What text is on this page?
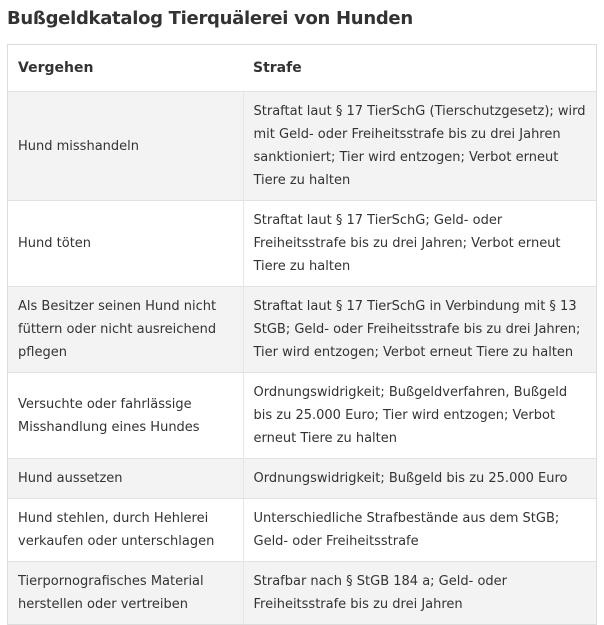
Bußgeldkatalog Tierquälerei von Hunden
Vergehen	Strafe
Hund misshandeln	Straftat laut § 17 TierSchG (Tierschutzgesetz); wird mit Geld- oder Freiheitsstrafe bis zu drei Jahren sanktioniert; Tier wird entzogen; Verbot erneut Tiere zu halten
Hund töten	Straftat laut § 17 TierSchG; Geld- oder Freiheitsstrafe bis zu drei Jahren; Verbot erneut Tiere zu halten
Als Besitzer seinen Hund nicht füttern oder nicht ausreichend pflegen	Straftat laut § 17 TierSchG in Verbindung mit § 13 StGB; Geld- oder Freiheitsstrafe bis zu drei Jahren; Tier wird entzogen; Verbot erneut Tiere zu halten
Versuchte oder fahrlässige Misshandlung eines Hundes	Ordnungswidrigkeit; Bußgeldverfahren, Bußgeld bis zu 25.000 Euro; Tier wird entzogen; Verbot erneut Tiere zu halten
Hund aussetzen	Ordnungswidrigkeit; Bußgeld bis zu 25.000 Euro
Hund stehlen, durch Hehlerei verkaufen oder unterschlagen	Unterschiedliche Strafbestände aus dem StGB; Geld- oder Freiheitsstrafe
Tierpornografisches Material herstellen oder vertreiben	Strafbar nach § StGB 184 a; Geld- oder Freiheitsstrafe bis zu drei Jahren
